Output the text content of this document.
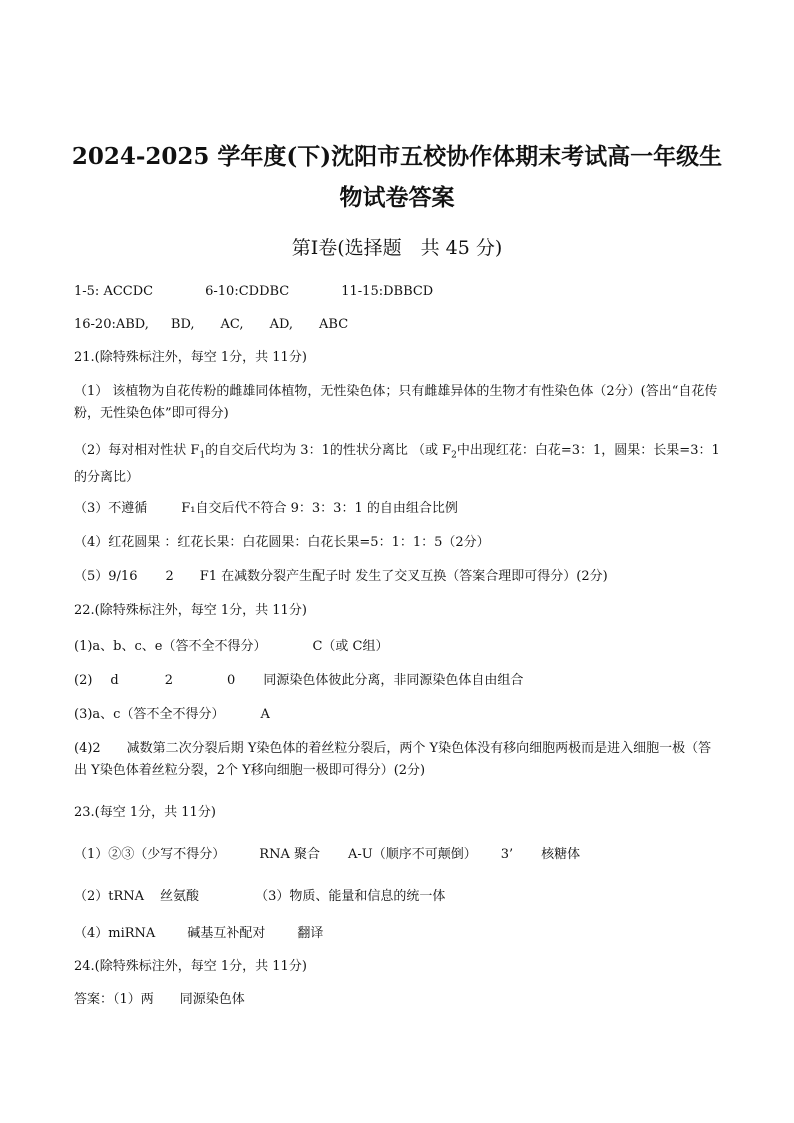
2024-2025 学年度(下)沈阳市五校协作体期末考试高一年级生
物试卷答案
第Ⅰ卷(选择题　共 45 分)
1-5: ACCDC	6-10:CDDBC	11-15:DBBCD
16-20:ABD, BD, AC, AD, ABC
21.(除特殊标注外，每空 1分，共 11分)
（1） 该植物为自花传粉的雌雄同体植物，无性染色体；只有雌雄异体的生物才有性染色体（2分）(答出“自花传粉，无性染色体”即可得分)
（2）每对相对性状 $F_1$的自交后代均为 3：1的性状分离比 （或 $F_2$中出现红花：白花=3：1，圆果：长果=3：1的分离比）
（3）不遵循	F₁自交后代不符合 9：3：3：1 的自由组合比例
（4）红花圆果 ：红花长果：白花圆果：白花长果=5：1：1：5（2分）
（5）9/16 2 F1 在减数分裂产生配子时 发生了交叉互换（答案合理即可得分）(2分)
22.(除特殊标注外，每空 1分，共 11分)
(1)a、b、c、e（答不全不得分）	C（或 C组）
(2) d	2	0 同源染色体彼此分离，非同源染色体自由组合
(3)a、c（答不全不得分）	A
(4)2　　减数第二次分裂后期 Y染色体的着丝粒分裂后，两个 Y染色体没有移向细胞两极而是进入细胞一极（答出 Y染色体着丝粒分裂，2个 Y移向细胞一极即可得分）(2分)
23.(每空 1分，共 11分)
（1）②③（少写不得分）	RNA 聚合 A-U（顺序不可颠倒） 3’ 核糖体
（2）tRNA 丝氨酸	（3）物质、能量和信息的统一体
（4）miRNA 碱基互补配对 翻译
24.(除特殊标注外，每空 1分，共 11分)
答案：（1）两 同源染色体
